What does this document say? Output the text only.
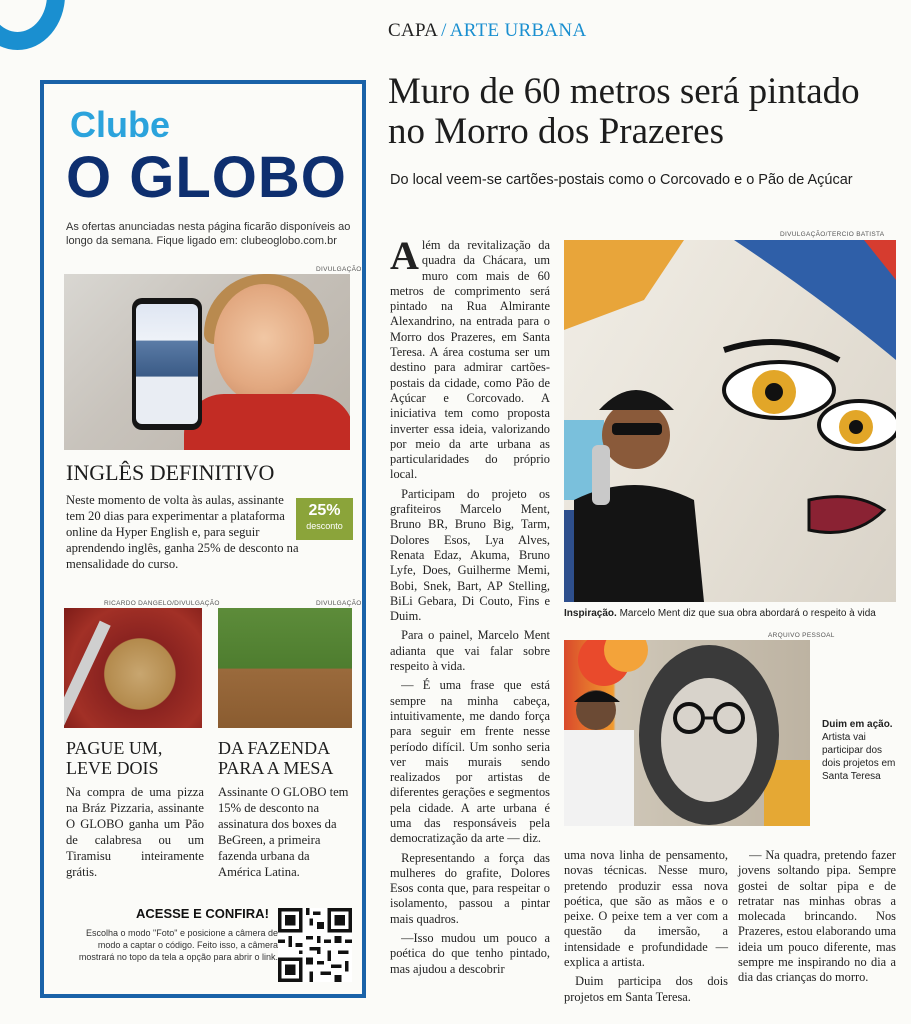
CAPA / ARTE URBANA
Muro de 60 metros será pintado no Morro dos Prazeres
Do local veem-se cartões-postais como o Corcovado e o Pão de Açúcar
Clube
O GLOBO
As ofertas anunciadas nesta página ficarão disponíveis ao longo da semana. Fique ligado em: clubeoglobo.com.br
DIVULGAÇÃO
INGLÊS DEFINITIVO
Neste momento de volta às aulas, assinante tem 20 dias para experimentar a plataforma online da Hyper English e, para seguir aprendendo inglês, ganha 25% de desconto na mensalidade do curso.
25%
desconto
RICARDO DANGELO/DIVULGAÇÃO	DIVULGAÇÃO
PAGUE UM, LEVE DOIS
DA FAZENDA PARA A MESA
Na compra de uma pizza na Bráz Pizzaria, assinante O GLOBO ganha um Pão de calabresa ou um Tiramisu inteiramente grátis.
Assinante O GLOBO tem 15% de desconto na assinatura dos boxes da BeGreen, a primeira fazenda urbana da América Latina.
ACESSE E CONFIRA!
Escolha o modo "Foto" e posicione a câmera de modo a captar o código. Feito isso, a câmera mostrará no topo da tela a opção para abrir o link.

Além da revitalização da quadra da Chácara, um muro com mais de 60 metros de comprimento será pintado na Rua Almirante Alexandrino, na entrada para o Morro dos Prazeres, em Santa Teresa. A área costuma ser um destino para admirar cartões-postais da cidade, como Pão de Açúcar e Corcovado. A iniciativa tem como proposta inverter essa ideia, valorizando por meio da arte urbana as particularidades do próprio local.

Participam do projeto os grafiteiros Marcelo Ment, Bruno BR, Bruno Big, Tarm, Dolores Esos, Lya Alves, Renata Edaz, Akuma, Bruno Lyfe, Does, Guilherme Memi, Bobi, Snek, Bart, AP Stelling, BiLi Gebara, Di Couto, Fins e Duim.

Para o painel, Marcelo Ment adianta que vai falar sobre respeito à vida.

— É uma frase que está sempre na minha cabeça, intuitivamente, me dando força para seguir em frente nesse período difícil. Um sonho seria ver mais murais sendo realizados por artistas de diferentes gerações e segmentos pela cidade. A arte urbana é uma das responsáveis pela democratização da arte — diz.

Representando a força das mulheres do grafite, Dolores Esos conta que, para respeitar o isolamento, passou a pintar mais quadros.

—Isso mudou um pouco a poética do que tenho pintado, mas ajudou a descobrir

DIVULGAÇÃO/TERCIO BATISTA
Inspiração. Marcelo Ment diz que sua obra abordará o respeito à vida
ARQUIVO PESSOAL
Duim em ação.
Artista vai participar dos dois projetos em Santa Teresa

uma nova linha de pensamento, novas técnicas. Nesse muro, pretendo produzir essa nova poética, que são as mãos e o peixe. O peixe tem a ver com a questão da imersão, a intensidade e profundidade — explica a artista.

Duim participa dos dois projetos em Santa Teresa.

— Na quadra, pretendo fazer jovens soltando pipa. Sempre gostei de soltar pipa e de retratar nas minhas obras a molecada brincando. Nos Prazeres, estou elaborando uma ideia um pouco diferente, mas sempre me inspirando no dia a dia das crianças do morro.
